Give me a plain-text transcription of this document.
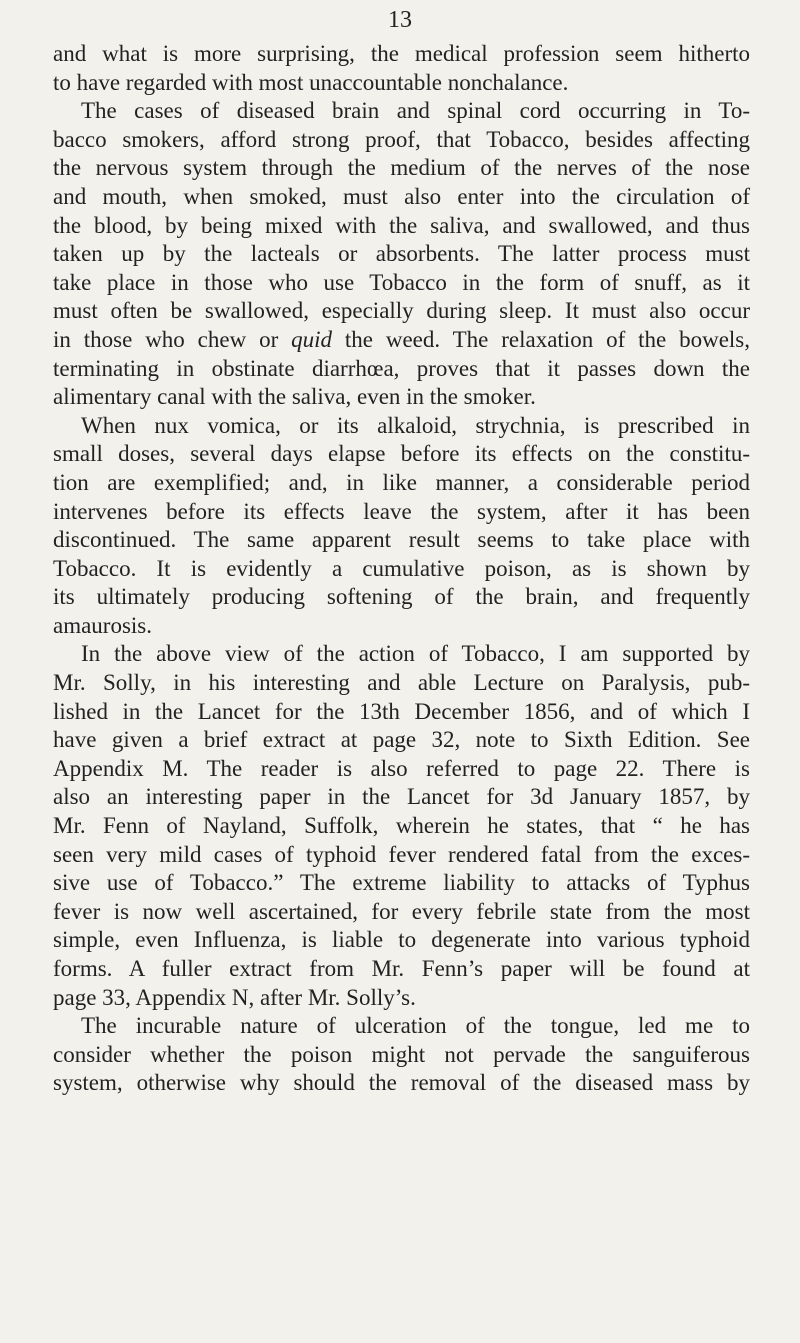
13
and what is more surprising, the medical profession seem hitherto
to have regarded with most unaccountable nonchalance.
The cases of diseased brain and spinal cord occurring in To-
bacco smokers, afford strong proof, that Tobacco, besides affecting
the nervous system through the medium of the nerves of the nose
and mouth, when smoked, must also enter into the circulation of
the blood, by being mixed with the saliva, and swallowed, and thus
taken up by the lacteals or absorbents. The latter process must
take place in those who use Tobacco in the form of snuff, as it
must often be swallowed, especially during sleep. It must also occur
in those who chew or quid the weed. The relaxation of the bowels,
terminating in obstinate diarrhœa, proves that it passes down the
alimentary canal with the saliva, even in the smoker.
When nux vomica, or its alkaloid, strychnia, is prescribed in
small doses, several days elapse before its effects on the constitu-
tion are exemplified; and, in like manner, a considerable period
intervenes before its effects leave the system, after it has been
discontinued. The same apparent result seems to take place with
Tobacco. It is evidently a cumulative poison, as is shown by
its ultimately producing softening of the brain, and frequently
amaurosis.
In the above view of the action of Tobacco, I am supported by
Mr. Solly, in his interesting and able Lecture on Paralysis, pub-
lished in the Lancet for the 13th December 1856, and of which I
have given a brief extract at page 32, note to Sixth Edition. See
Appendix M. The reader is also referred to page 22. There is
also an interesting paper in the Lancet for 3d January 1857, by
Mr. Fenn of Nayland, Suffolk, wherein he states, that “ he has
seen very mild cases of typhoid fever rendered fatal from the exces-
sive use of Tobacco.” The extreme liability to attacks of Typhus
fever is now well ascertained, for every febrile state from the most
simple, even Influenza, is liable to degenerate into various typhoid
forms. A fuller extract from Mr. Fenn’s paper will be found at
page 33, Appendix N, after Mr. Solly’s.
The incurable nature of ulceration of the tongue, led me to
consider whether the poison might not pervade the sanguiferous
system, otherwise why should the removal of the diseased mass by
